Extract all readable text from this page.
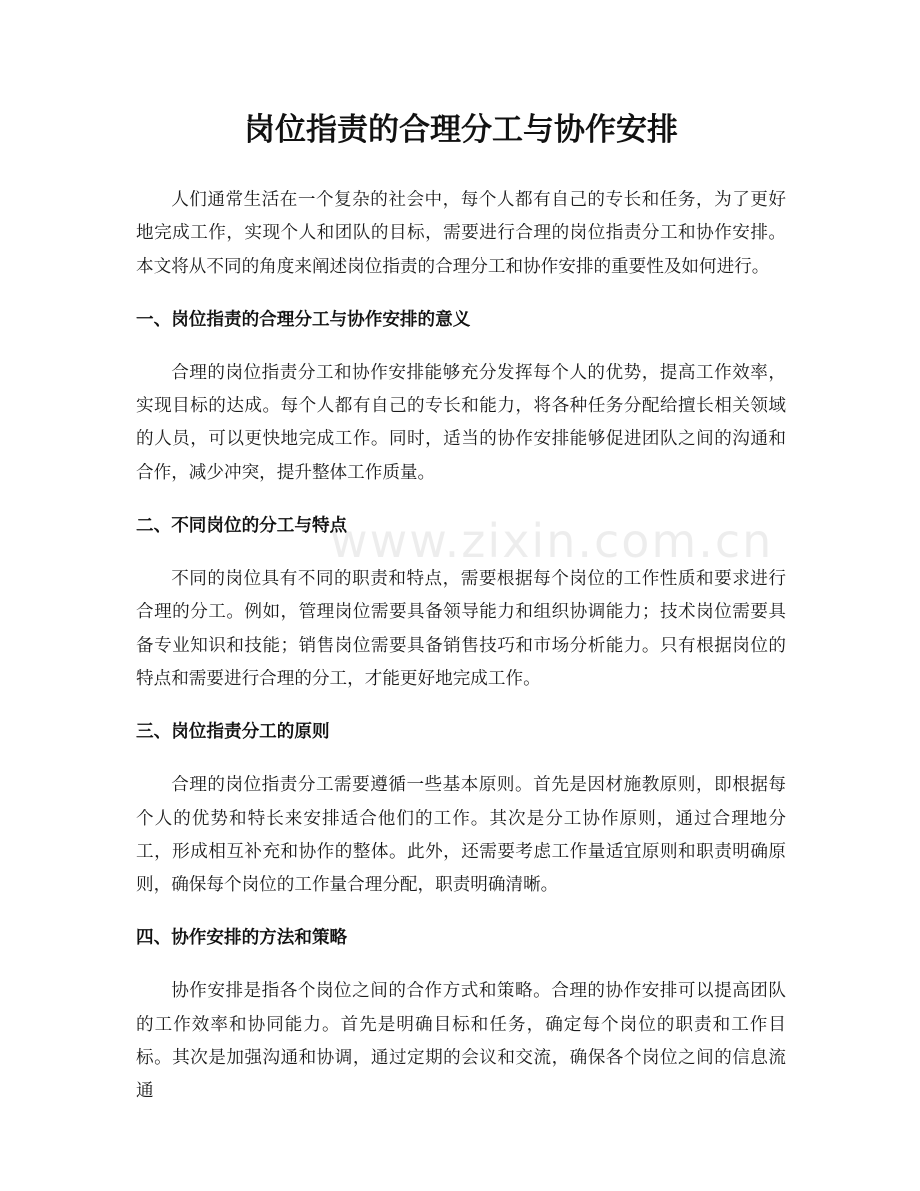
岗位指责的合理分工与协作安排

人们通常生活在一个复杂的社会中，每个人都有自己的专长和任务，为了更好地完成工作，实现个人和团队的目标，需要进行合理的岗位指责分工和协作安排。本文将从不同的角度来阐述岗位指责的合理分工和协作安排的重要性及如何进行。

一、岗位指责的合理分工与协作安排的意义

合理的岗位指责分工和协作安排能够充分发挥每个人的优势，提高工作效率，实现目标的达成。每个人都有自己的专长和能力，将各种任务分配给擅长相关领域的人员，可以更快地完成工作。同时，适当的协作安排能够促进团队之间的沟通和合作，减少冲突，提升整体工作质量。

二、不同岗位的分工与特点

不同的岗位具有不同的职责和特点，需要根据每个岗位的工作性质和要求进行合理的分工。例如，管理岗位需要具备领导能力和组织协调能力；技术岗位需要具备专业知识和技能；销售岗位需要具备销售技巧和市场分析能力。只有根据岗位的特点和需要进行合理的分工，才能更好地完成工作。

三、岗位指责分工的原则

合理的岗位指责分工需要遵循一些基本原则。首先是因材施教原则，即根据每个人的优势和特长来安排适合他们的工作。其次是分工协作原则，通过合理地分工，形成相互补充和协作的整体。此外，还需要考虑工作量适宜原则和职责明确原则，确保每个岗位的工作量合理分配，职责明确清晰。

四、协作安排的方法和策略

协作安排是指各个岗位之间的合作方式和策略。合理的协作安排可以提高团队的工作效率和协同能力。首先是明确目标和任务，确定每个岗位的职责和工作目标。其次是加强沟通和协调，通过定期的会议和交流，确保各个岗位之间的信息流通

www.zixin.com.cn
